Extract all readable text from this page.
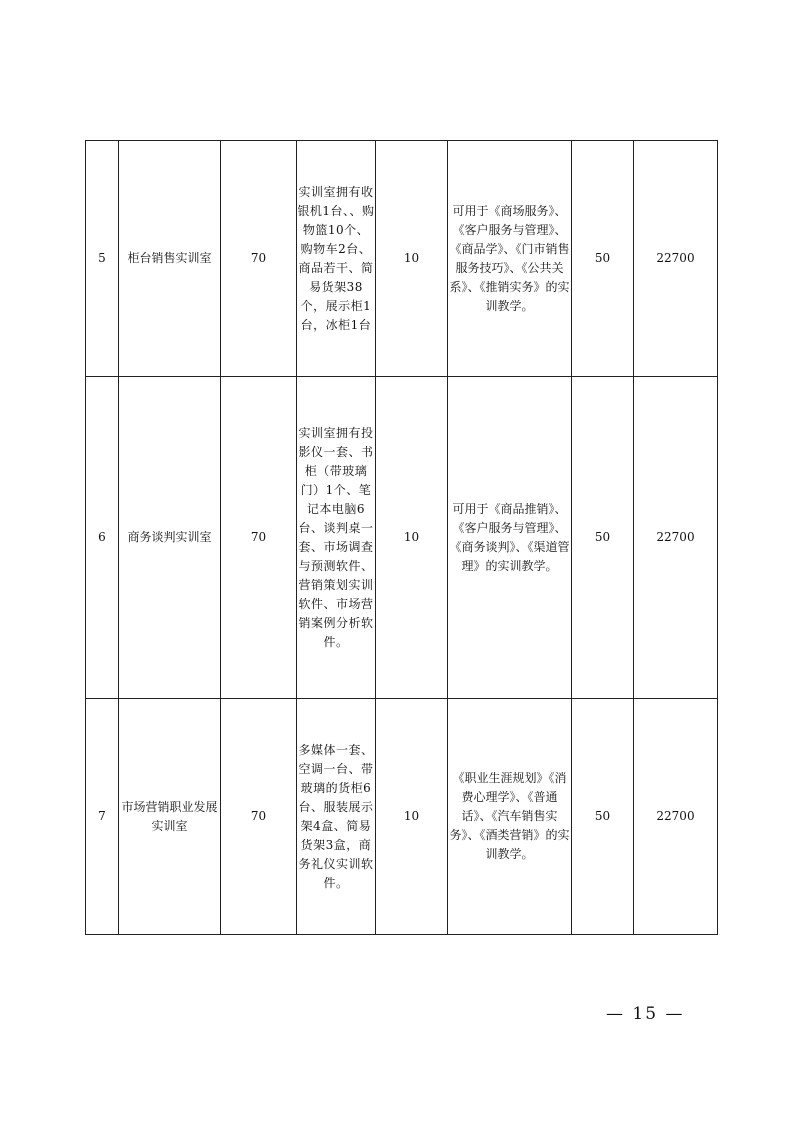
5	柜台销售实训室	70	实训室拥有收银机1台、、购物篮10个、购物车2台、商品若干、简易货架38个，展示柜1台，冰柜1台	10	可用于《商场服务》、《客户服务与管理》、《商品学》、《门市销售服务技巧》、《公共关系》、《推销实务》的实训教学。	50	22700
6	商务谈判实训室	70	实训室拥有投影仪一套、书柜（带玻璃门）1个、笔记本电脑6台、谈判桌一套、市场调查与预测软件、营销策划实训软件、市场营销案例分析软件。	10	可用于《商品推销》、《客户服务与管理》、《商务谈判》、《渠道管理》的实训教学。	50	22700
7	市场营销职业发展实训室	70	多媒体一套、空调一台、带玻璃的货柜6台、服装展示架4盒、简易货架3盒，商务礼仪实训软件。	10	《职业生涯规划》《消费心理学》、《普通话》、《汽车销售实务》、《酒类营销》的实训教学。	50	22700
— 15 —
